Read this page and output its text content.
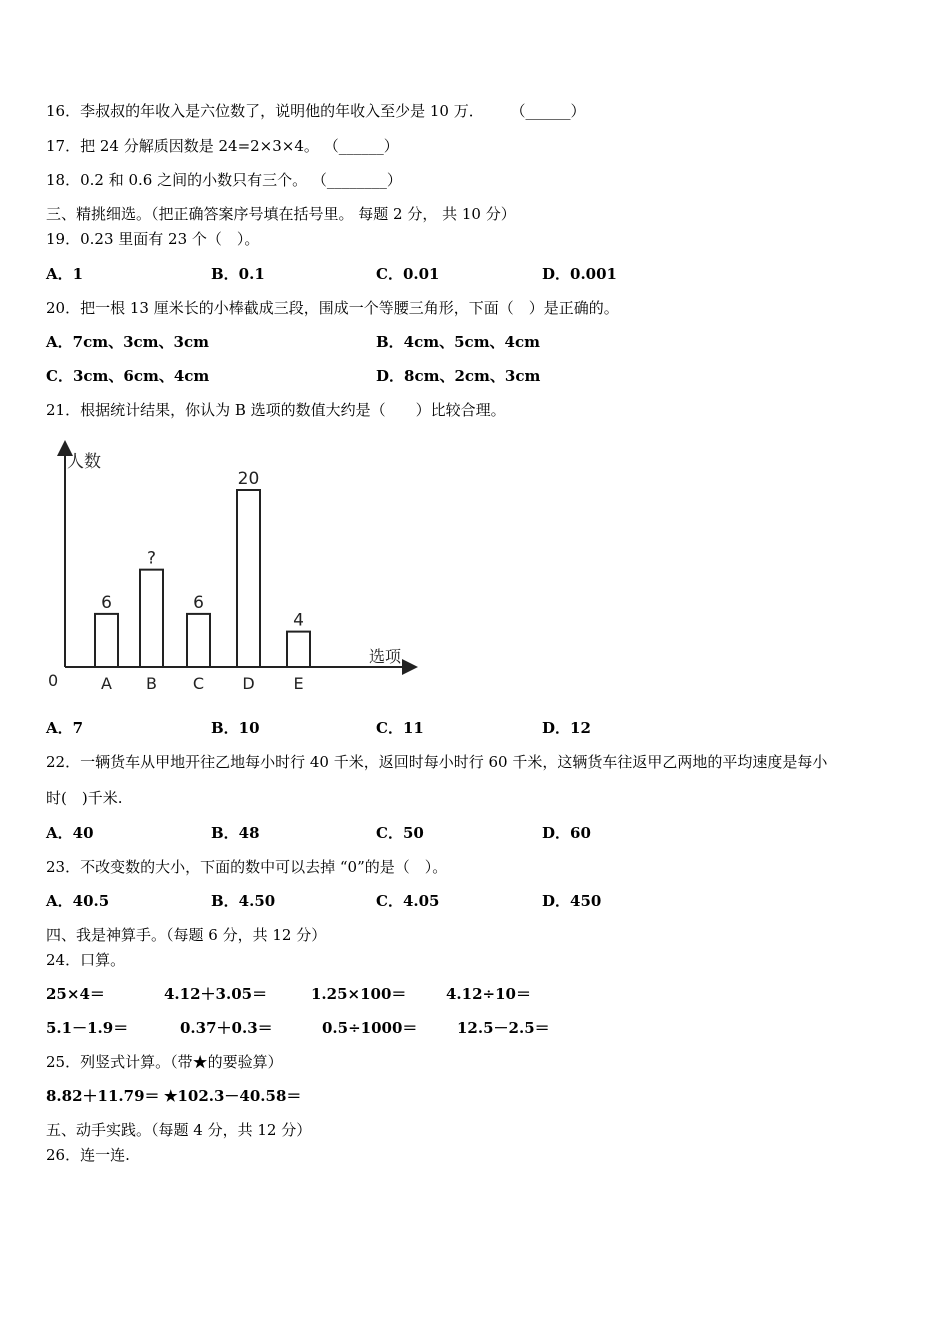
16．李叔叔的年收入是六位数了，说明他的年收入至少是 10 万． （______）
17．把 24 分解质因数是 24=2×3×4。 （______）
18．0.2 和 0.6 之间的小数只有三个。 （________）
三、精挑细选。（把正确答案序号填在括号里。 每题 2 分， 共 10 分）
19．0.23 里面有 23 个（　）。
A．1	B．0.1	C．0.01	D．0.001
20．把一根 13 厘米长的小棒截成三段，围成一个等腰三角形，下面（　）是正确的。
A．7cm、3cm、3cm	B．4cm、5cm、4cm
C．3cm、6cm、4cm	D．8cm、2cm、3cm
21．根据统计结果，你认为 B 选项的数值大约是（　　）比较合理。
人数
选项
0
6
A
?
B
6
C
20
D
4
E
A．7	B．10	C．11	D．12
22．一辆货车从甲地开往乙地每小时行 40 千米，返回时每小时行 60 千米，这辆货车往返甲乙两地的平均速度是每小
时(　)千米.
A．40	B．48	C．50	D．60
23．不改变数的大小，下面的数中可以去掉 “0”的是（　）。
A．40.5	B．4.50	C．4.05	D．450
四、我是神算手。（每题 6 分，共 12 分）
24．口算。
25×4＝	4.12＋3.05＝	1.25×100＝	4.12÷10＝
5.1－1.9＝	0.37＋0.3＝	0.5÷1000＝	12.5－2.5＝
25．列竖式计算。（带★的要验算）
8.82＋11.79＝ ★102.3－40.58＝
五、动手实践。（每题 4 分，共 12 分）
26．连一连.
